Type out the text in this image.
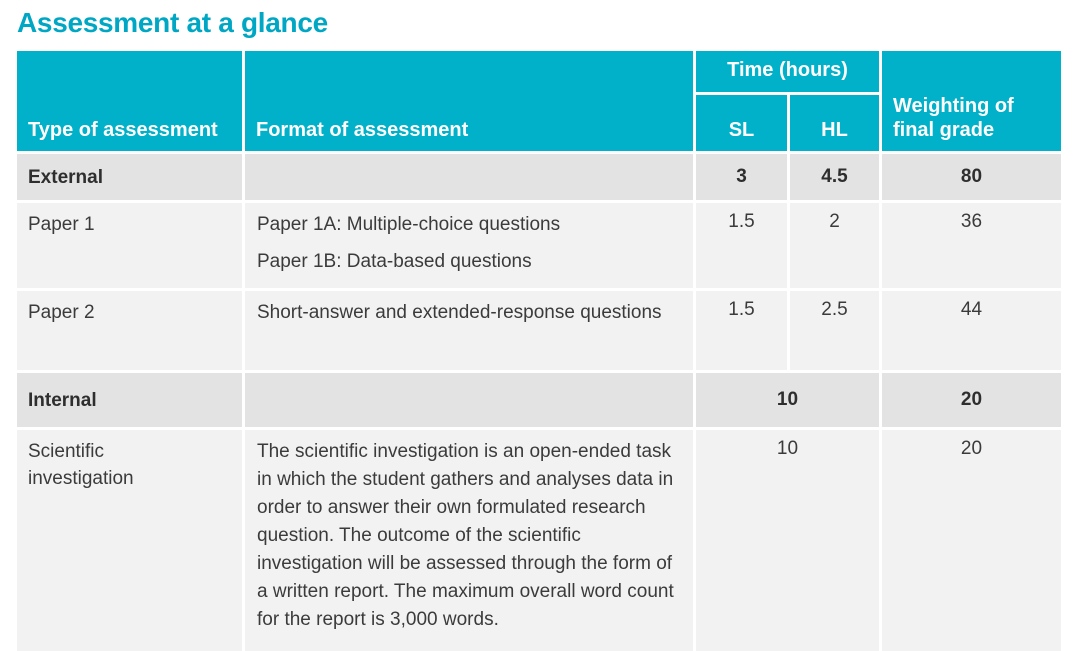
Assessment at a glance
Type of assessment	Format of assessment	Time (hours)		Weighting of final grade

		SL	HL	
External		3	4.5	80
Paper 1	Paper 1A: Multiple-choice questions
Paper 1B: Data-based questions	1.5	2	36
Paper 2	Short-answer and extended-response questions	1.5	2.5	44
Internal		10		20

Scientific investigation	The scientific investigation is an open-ended task in which the student gathers and analyses data in order to answer their own formulated research question. The outcome of the scientific investigation will be assessed through the form of a written report. The maximum overall word count for the report is 3,000 words.	10		20
